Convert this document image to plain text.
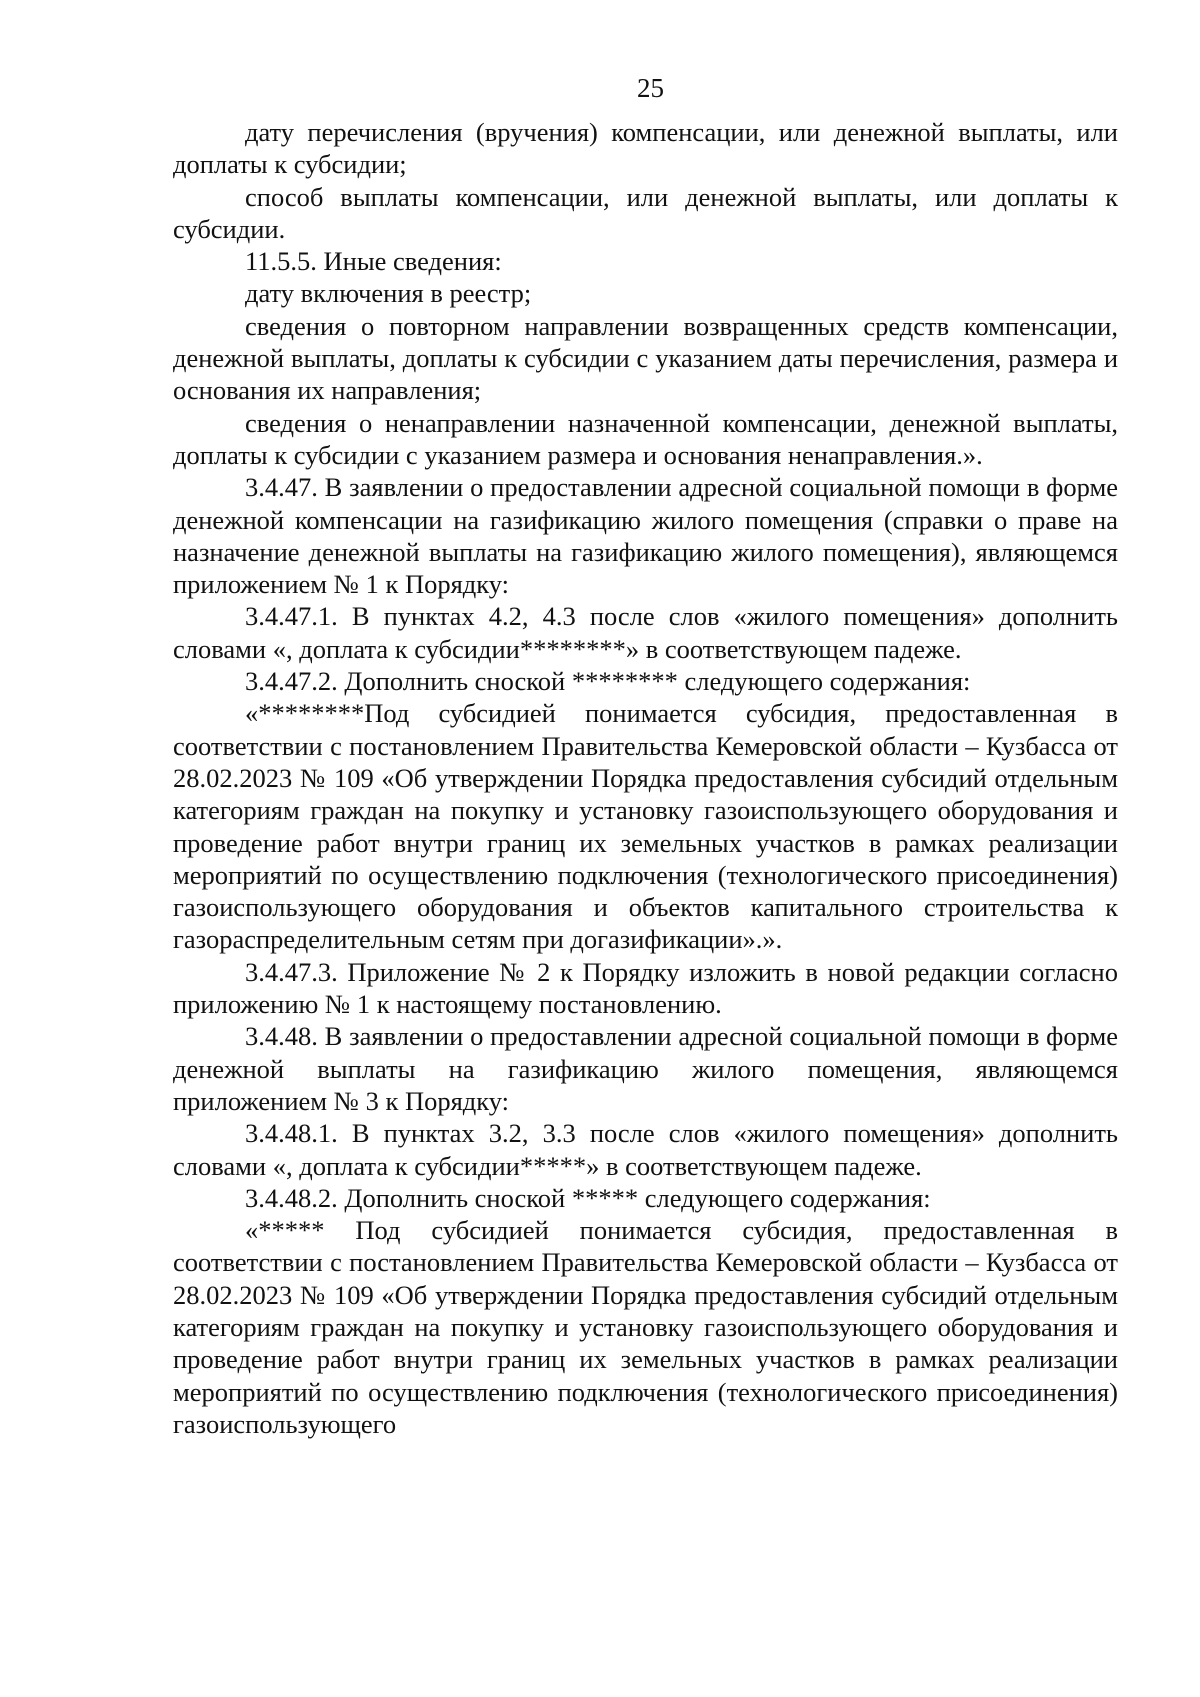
25

дату перечисления (вручения) компенсации, или денежной выплаты, или доплаты к субсидии;

способ выплаты компенсации, или денежной выплаты, или доплаты к субсидии.

11.5.5. Иные сведения:

дату включения в реестр;

сведения о повторном направлении возвращенных средств компенсации, денежной выплаты, доплаты к субсидии с указанием даты перечисления, размера и основания их направления;

сведения о ненаправлении назначенной компенсации, денежной выплаты, доплаты к субсидии с указанием размера и основания ненаправления.».

3.4.47. В заявлении о предоставлении адресной социальной помощи в форме денежной компенсации на газификацию жилого помещения (справки о праве на назначение денежной выплаты на газификацию жилого помещения), являющемся приложением № 1 к Порядку:

3.4.47.1. В пунктах 4.2, 4.3 после слов «жилого помещения» дополнить словами «, доплата к субсидии********» в соответствующем падеже.

3.4.47.2. Дополнить сноской ******** следующего содержания:

«********Под субсидией понимается субсидия, предоставленная в соответствии с постановлением Правительства Кемеровской области – Кузбасса от 28.02.2023 № 109 «Об утверждении Порядка предоставления субсидий отдельным категориям граждан на покупку и установку газоиспользующего оборудования и проведение работ внутри границ их земельных участков в рамках реализации мероприятий по осуществлению подключения (технологического присоединения) газоиспользующего оборудования и объектов капитального строительства к газораспределительным сетям при догазификации».».

3.4.47.3. Приложение № 2 к Порядку изложить в новой редакции согласно приложению № 1 к настоящему постановлению.

3.4.48. В заявлении о предоставлении адресной социальной помощи в форме денежной выплаты на газификацию жилого помещения, являющемся приложением № 3 к Порядку:

3.4.48.1. В пунктах 3.2, 3.3 после слов «жилого помещения» дополнить словами «, доплата к субсидии*****» в соответствующем падеже.

3.4.48.2. Дополнить сноской ***** следующего содержания:

«***** Под субсидией понимается субсидия, предоставленная в соответствии с постановлением Правительства Кемеровской области – Кузбасса от 28.02.2023 № 109 «Об утверждении Порядка предоставления субсидий отдельным категориям граждан на покупку и установку газоиспользующего оборудования и проведение работ внутри границ их земельных участков в рамках реализации мероприятий по осуществлению подключения (технологического присоединения) газоиспользующего
